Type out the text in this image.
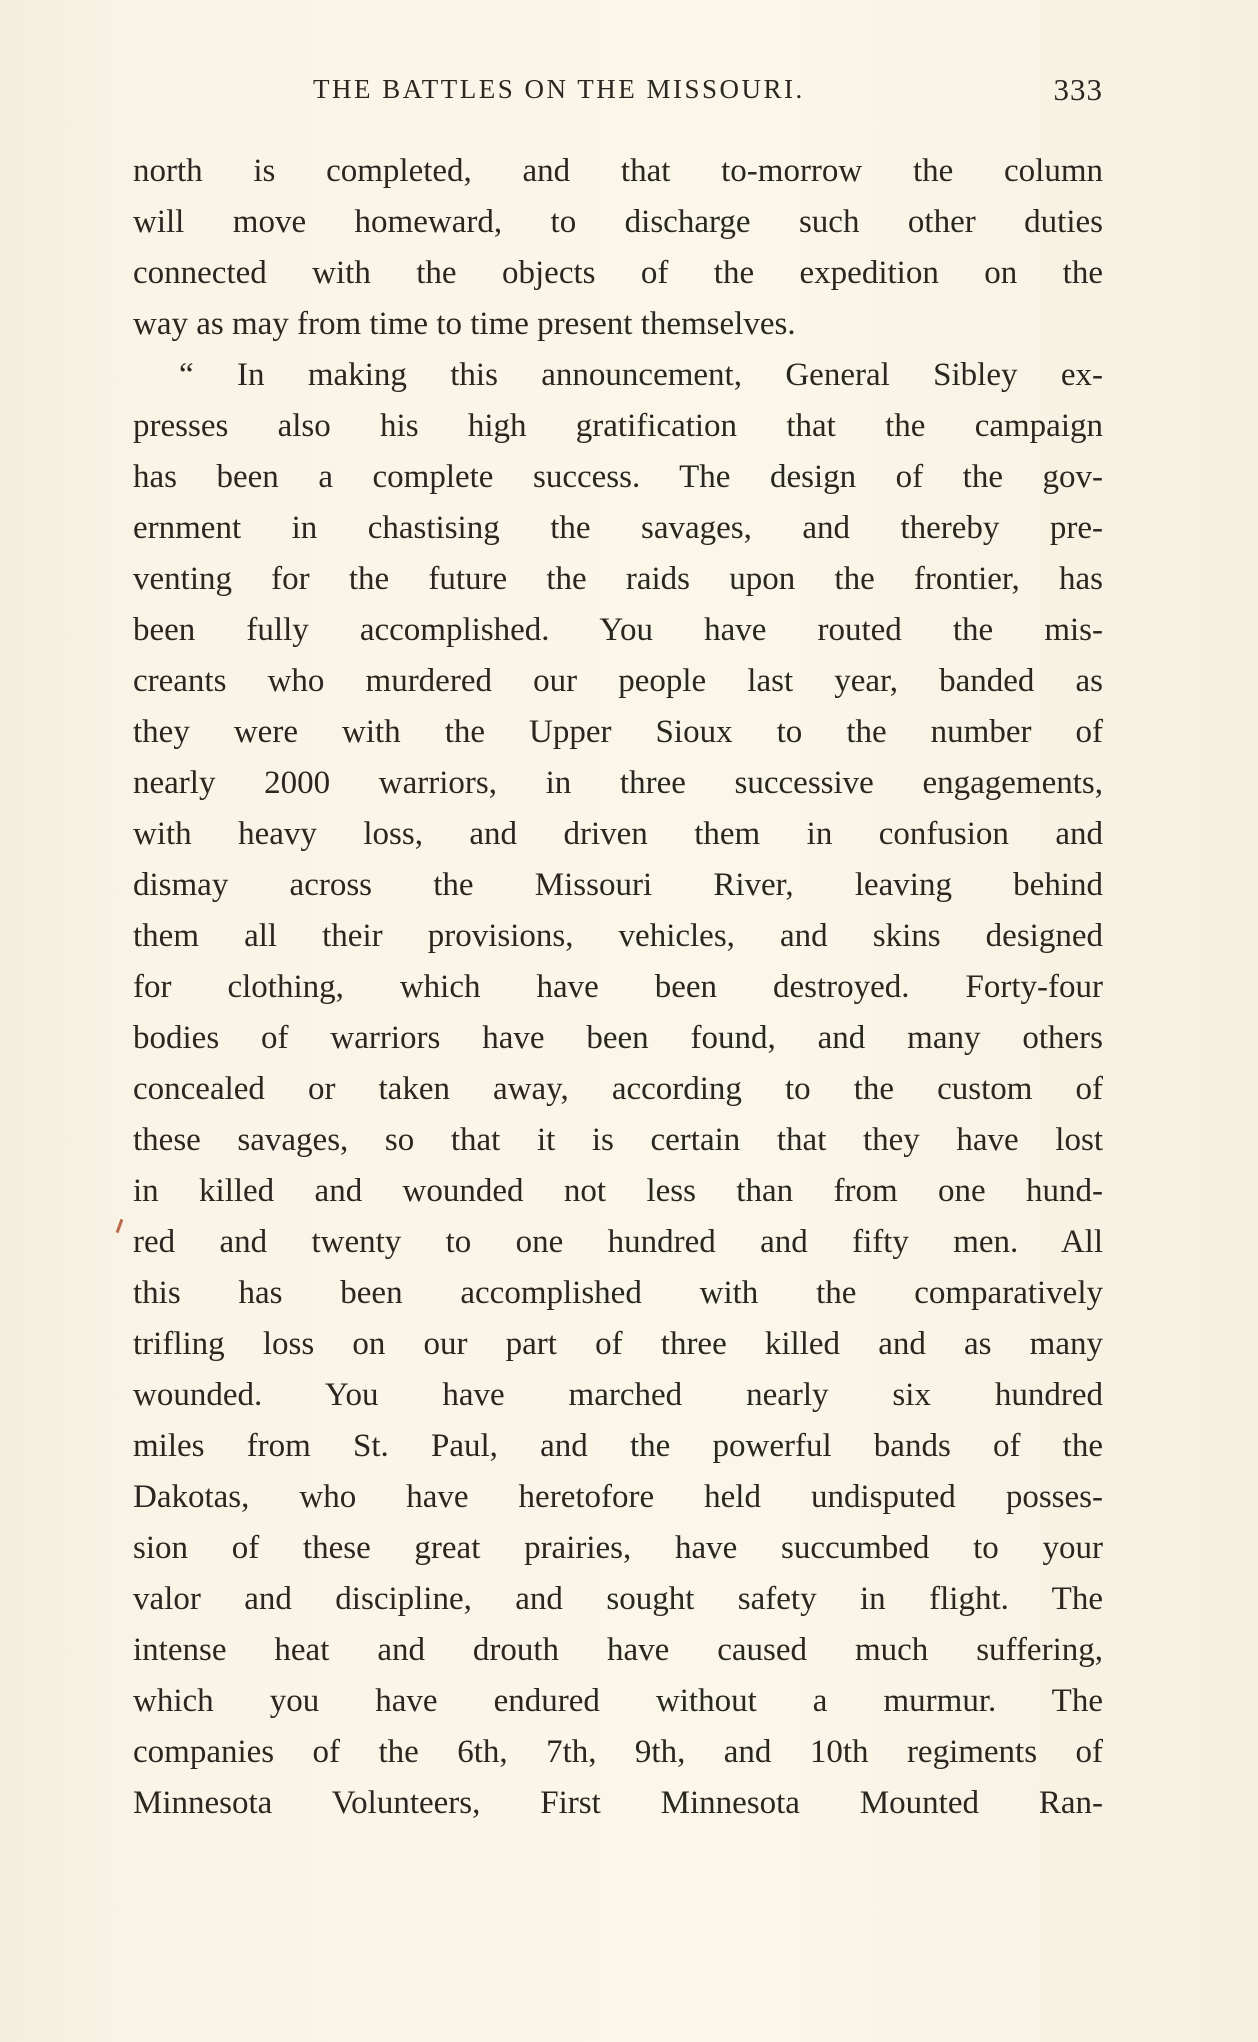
THE BATTLES ON THE MISSOURI.	333
north is completed, and that to-morrow the column
will move homeward, to discharge such other duties
connected with the objects of the expedition on the
way as may from time to time present themselves.
“ In making this announcement, General Sibley ex-
presses also his high gratification that the campaign
has been a complete success. The design of the gov-
ernment in chastising the savages, and thereby pre-
venting for the future the raids upon the frontier, has
been fully accomplished. You have routed the mis-
creants who murdered our people last year, banded as
they were with the Upper Sioux to the number of
nearly 2000 warriors, in three successive engagements,
with heavy loss, and driven them in confusion and
dismay across the Missouri River, leaving behind
them all their provisions, vehicles, and skins designed
for clothing, which have been destroyed. Forty-four
bodies of warriors have been found, and many others
concealed or taken away, according to the custom of
these savages, so that it is certain that they have lost
in killed and wounded not less than from one hund-
red and twenty to one hundred and fifty men. All
this has been accomplished with the comparatively
trifling loss on our part of three killed and as many
wounded. You have marched nearly six hundred
miles from St. Paul, and the powerful bands of the
Dakotas, who have heretofore held undisputed posses-
sion of these great prairies, have succumbed to your
valor and discipline, and sought safety in flight. The
intense heat and drouth have caused much suffering,
which you have endured without a murmur. The
companies of the 6th, 7th, 9th, and 10th regiments of
Minnesota Volunteers, First Minnesota Mounted Ran-
